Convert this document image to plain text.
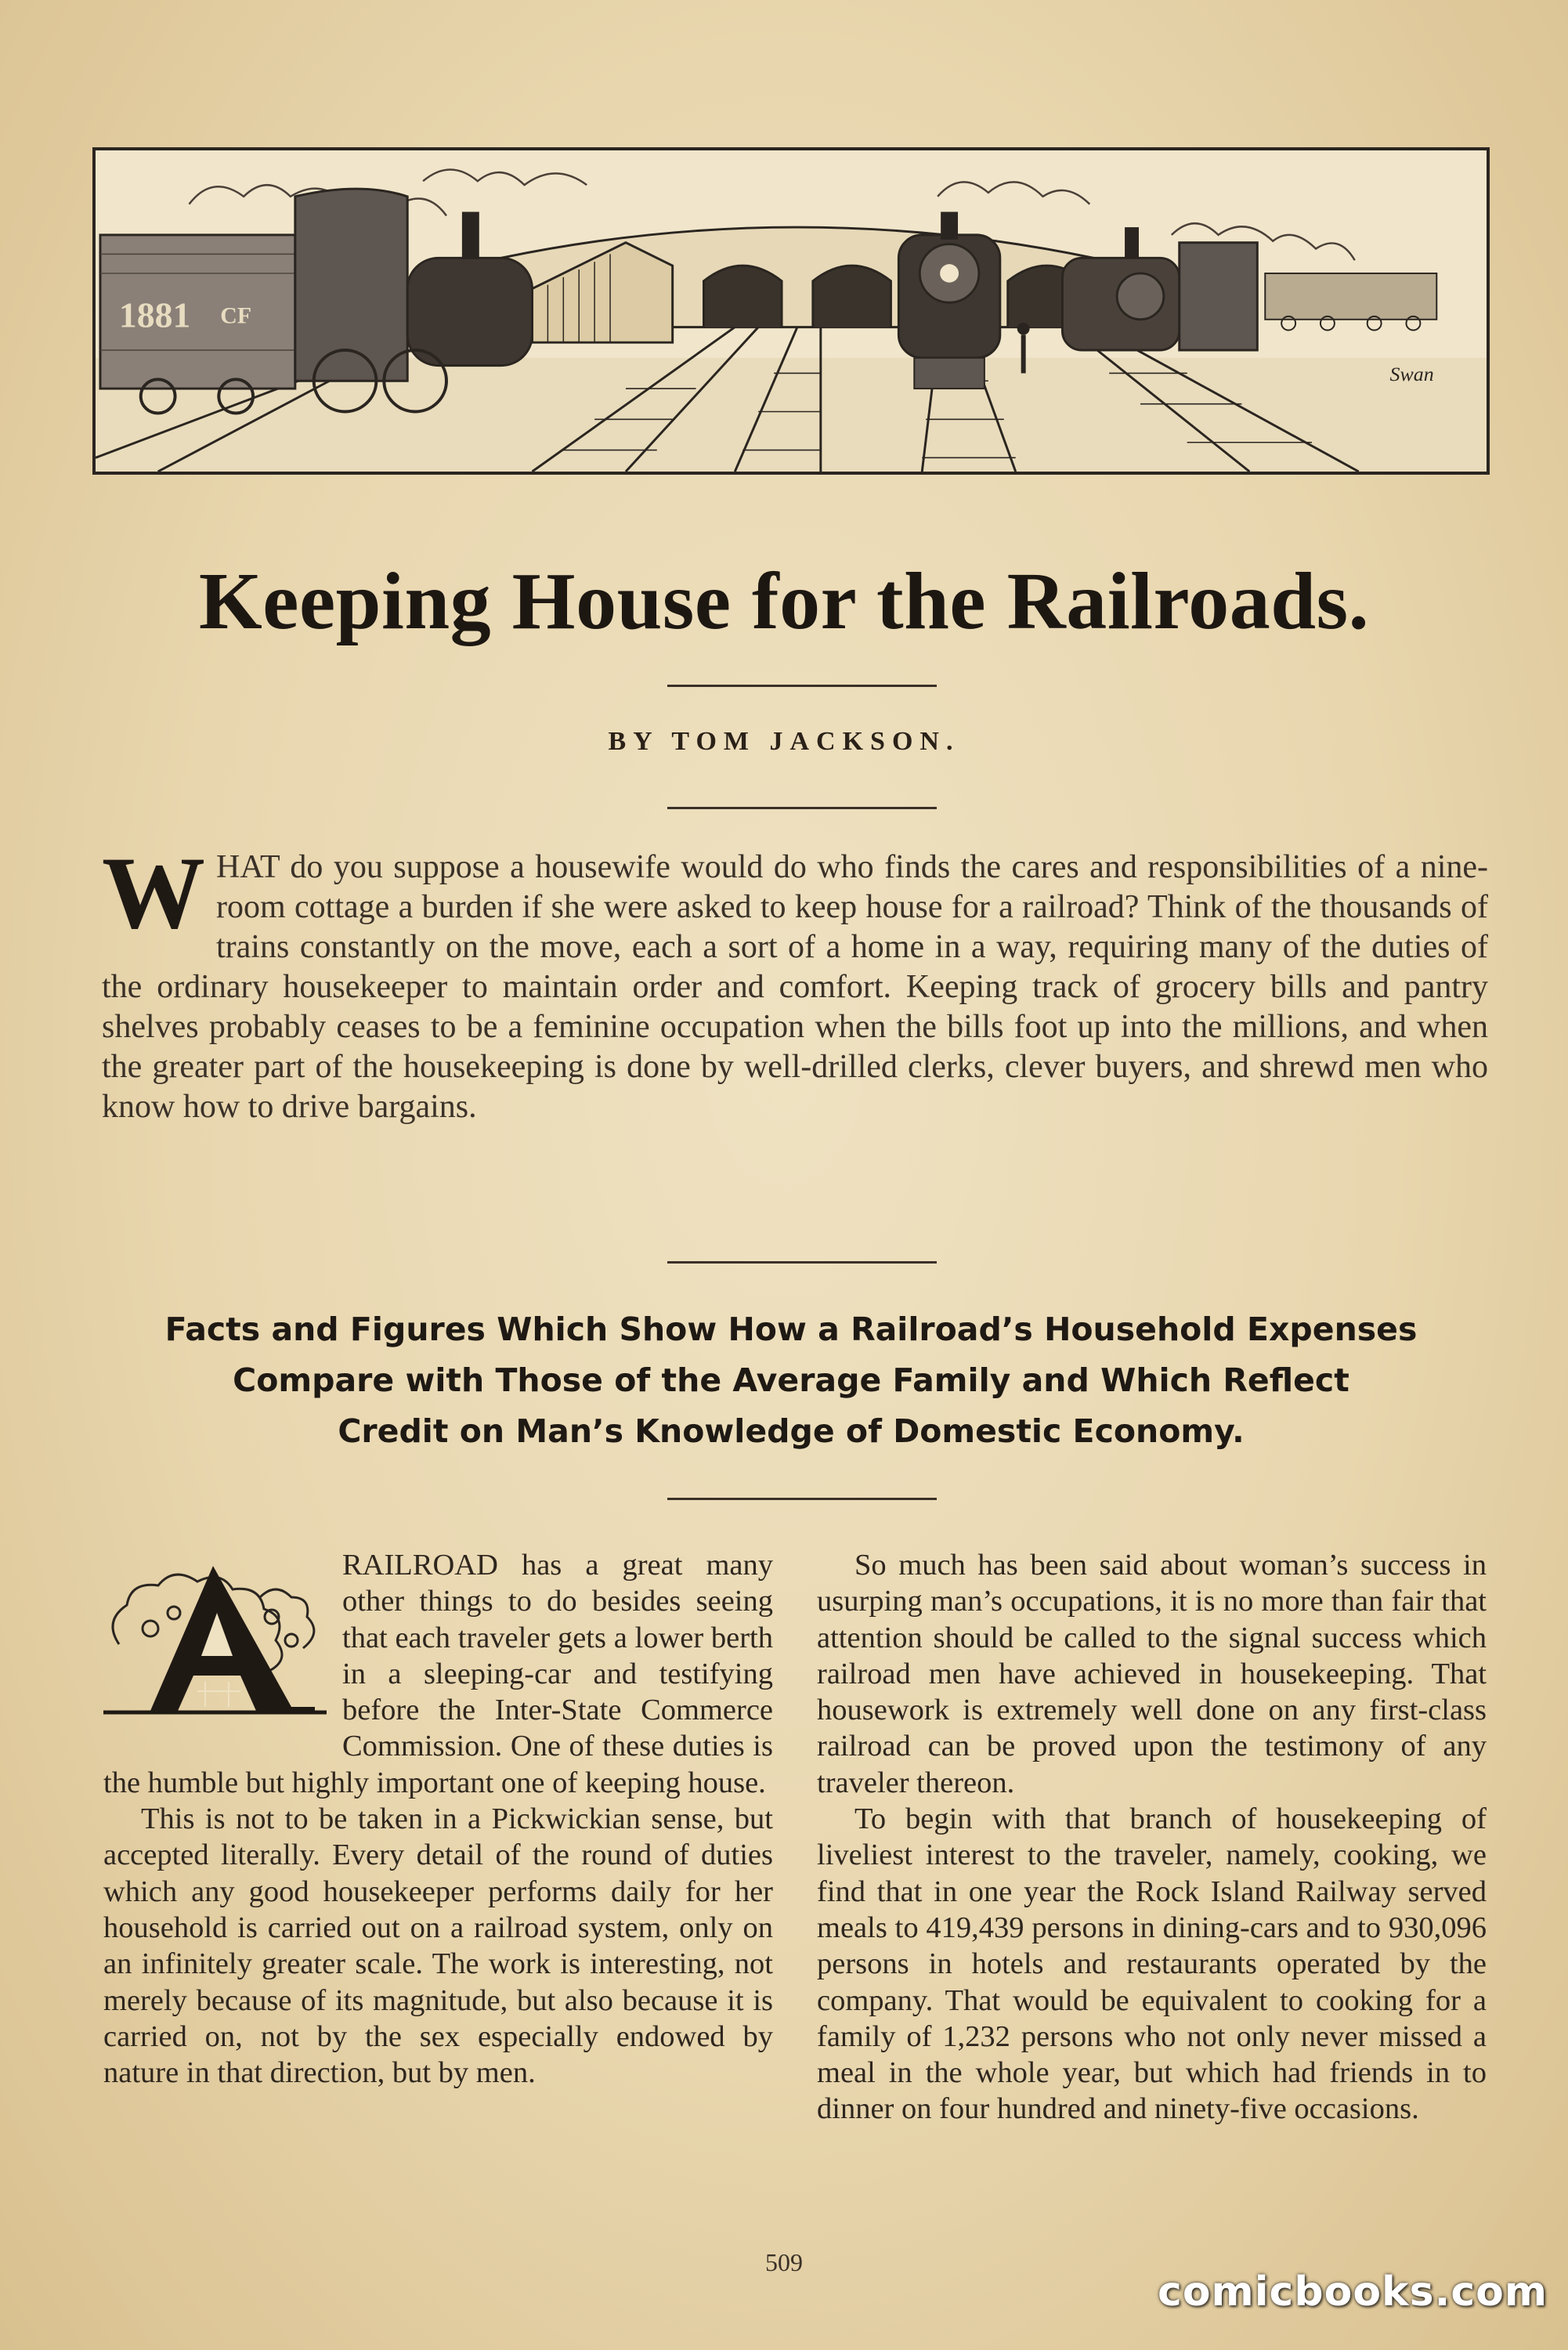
1881 CF
Swan
Keeping House for the Railroads.
BY TOM JACKSON.
WHAT do you suppose a housewife would do who finds the cares and responsibilities of a nine-room cottage a burden if she were asked to keep house for a railroad? Think of the thousands of trains constantly on the move, each a sort of a home in a way, requiring many of the duties of the ordinary housekeeper to maintain order and comfort. Keeping track of grocery bills and pantry shelves probably ceases to be a feminine occupation when the bills foot up into the millions, and when the greater part of the housekeeping is done by well-drilled clerks, clever buyers, and shrewd men who know how to drive bargains.
Facts and Figures Which Show How a Railroad’s Household Expenses
Compare with Those of the Average Family and Which Reflect
Credit on Man’s Knowledge of Domestic Economy.

RAILROAD has a great many other things to do besides seeing that each traveler gets a lower berth in a sleeping-car and testifying before the Inter-State Commerce Commission. One of these duties is the humble but highly important one of keeping house.

This is not to be taken in a Pickwickian sense, but accepted literally. Every detail of the round of duties which any good housekeeper performs daily for her household is carried out on a railroad system, only on an infinitely greater scale. The work is interesting, not merely because of its magnitude, but also because it is carried on, not by the sex especially endowed by nature in that direction, but by men.

So much has been said about woman’s success in usurping man’s occupations, it is no more than fair that attention should be called to the signal success which railroad men have achieved in housekeeping. That housework is extremely well done on any first-class railroad can be proved upon the testimony of any traveler thereon.

To begin with that branch of housekeeping of liveliest interest to the traveler, namely, cooking, we find that in one year the Rock Island Railway served meals to 419,439 persons in dining-cars and to 930,096 persons in hotels and restaurants operated by the company. That would be equivalent to cooking for a family of 1,232 persons who not only never missed a meal in the whole year, but which had friends in to dinner on four hundred and ninety-five occasions.

509
comicbooks.com
